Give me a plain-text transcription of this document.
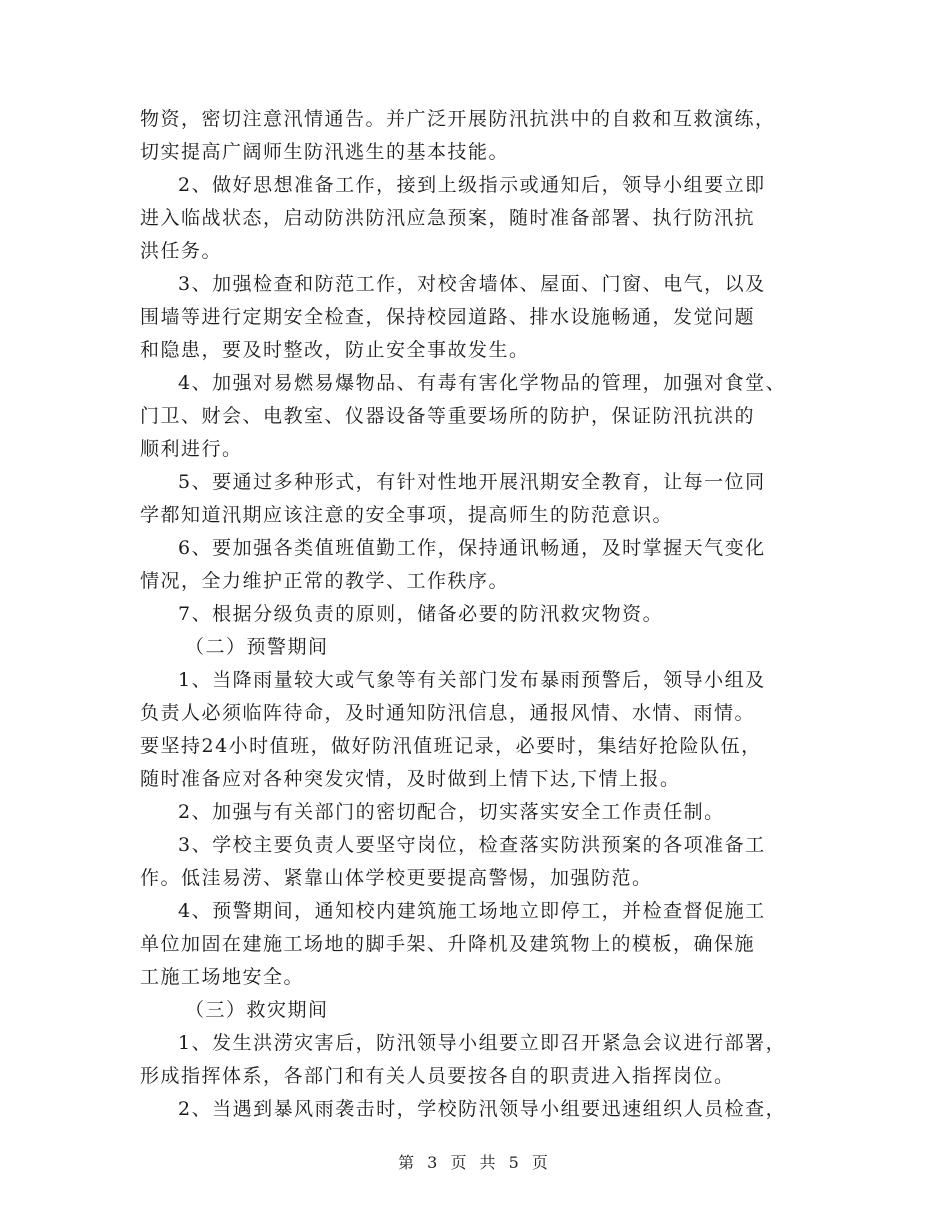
物资，密切注意汛情通告。并广泛开展防汛抗洪中的自救和互救演练，
切实提高广阔师生防汛逃生的基本技能。
2、做好思想准备工作，接到上级指示或通知后，领导小组要立即
进入临战状态，启动防洪防汛应急预案，随时准备部署、执行防汛抗
洪任务。
3、加强检查和防范工作，对校舍墙体、屋面、门窗、电气，以及
围墙等进行定期安全检查，保持校园道路、排水设施畅通，发觉问题
和隐患，要及时整改，防止安全事故发生。
4、加强对易燃易爆物品、有毒有害化学物品的管理，加强对食堂、
门卫、财会、电教室、仪器设备等重要场所的防护，保证防汛抗洪的
顺利进行。
5、要通过多种形式，有针对性地开展汛期安全教育，让每一位同
学都知道汛期应该注意的安全事项，提高师生的防范意识。
6、要加强各类值班值勤工作，保持通讯畅通，及时掌握天气变化
情况，全力维护正常的教学、工作秩序。
7、根据分级负责的原则，储备必要的防汛救灾物资。
（二）预警期间
1、当降雨量较大或气象等有关部门发布暴雨预警后，领导小组及
负责人必须临阵待命，及时通知防汛信息，通报风情、水情、雨情。
要坚持24小时值班，做好防汛值班记录，必要时，集结好抢险队伍，
随时准备应对各种突发灾情，及时做到上情下达,下情上报。
2、加强与有关部门的密切配合，切实落实安全工作责任制。
3、学校主要负责人要坚守岗位，检查落实防洪预案的各项准备工
作。低洼易涝、紧靠山体学校更要提高警惕，加强防范。
4、预警期间，通知校内建筑施工场地立即停工，并检查督促施工
单位加固在建施工场地的脚手架、升降机及建筑物上的模板，确保施
工施工场地安全。
（三）救灾期间
1、发生洪涝灾害后，防汛领导小组要立即召开紧急会议进行部署，
形成指挥体系，各部门和有关人员要按各自的职责进入指挥岗位。
2、当遇到暴风雨袭击时，学校防汛领导小组要迅速组织人员检查，
第 3 页 共 5 页
